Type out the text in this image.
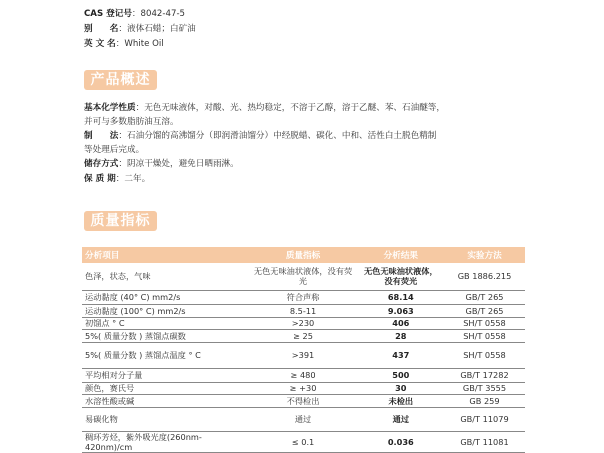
产品概述
质量指标
分析项目	质量指标	分析结果	实验方法
色泽，状态，气味	无色无味油状液体，没有荧光	无色无味油状液体，没有荧光	GB 1886.215
运动黏度 (40° C) mm2/s	符合声称	68.14	GB/T 265
运动黏度 (100° C) mm2/s	8.5-11	9.063	GB/T 265
初馏点 ° C	>230	406	SH/T 0558
5%( 质量分数 ) 蒸馏点碳数	≥ 25	28	SH/T 0558
5%( 质量分数 ) 蒸馏点温度 ° C	>391	437	SH/T 0558
平均相对分子量	≥ 480	500	GB/T 17282
颜色，赛氏号	≥ +30	30	GB/T 3555
水溶性酸或碱	不得检出	未检出	GB 259
易碳化物	通过	通过	GB/T 11079
稠环芳烃，紫外吸光度(260nm-420nm)/cm	≤ 0.1	0.036	GB/T 11081
CAS 登记号：8042-47-5
别　　名：液体石蜡；白矿油
英 文 名：White Oil
基本化学性质：无色无味液体，对酸、光、热均稳定，不溶于乙醇，溶于乙醚、苯、石油醚等，
并可与多数脂肪油互溶。
制　　法：石油分馏的高沸馏分（即润滑油馏分）中经脱蜡、碳化、中和、活性白土脱色精制
等处理后完成。
储存方式：阴凉干燥处，避免日晒雨淋。
保 质 期：二年。
